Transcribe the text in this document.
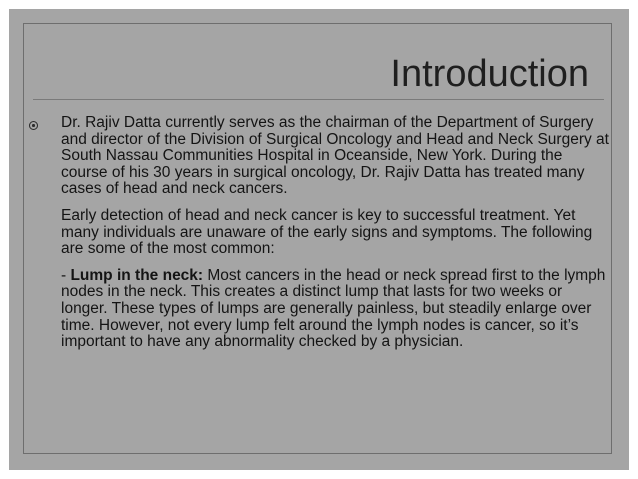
Introduction

Dr. Rajiv Datta currently serves as the chairman of the Department of Surgery and director of the Division of Surgical Oncology and Head and Neck Surgery at South Nassau Communities Hospital in Oceanside, New York. During the course of his 30 years in surgical oncology, Dr. Rajiv Datta has treated many cases of head and neck cancers.

Early detection of head and neck cancer is key to successful treatment. Yet many individuals are unaware of the early signs and symptoms. The following are some of the most common:

- Lump in the neck: Most cancers in the head or neck spread first to the lymph nodes in the neck. This creates a distinct lump that lasts for two weeks or longer. These types of lumps are generally painless, but steadily enlarge over time. However, not every lump felt around the lymph nodes is cancer, so it’s important to have any abnormality checked by a physician.
